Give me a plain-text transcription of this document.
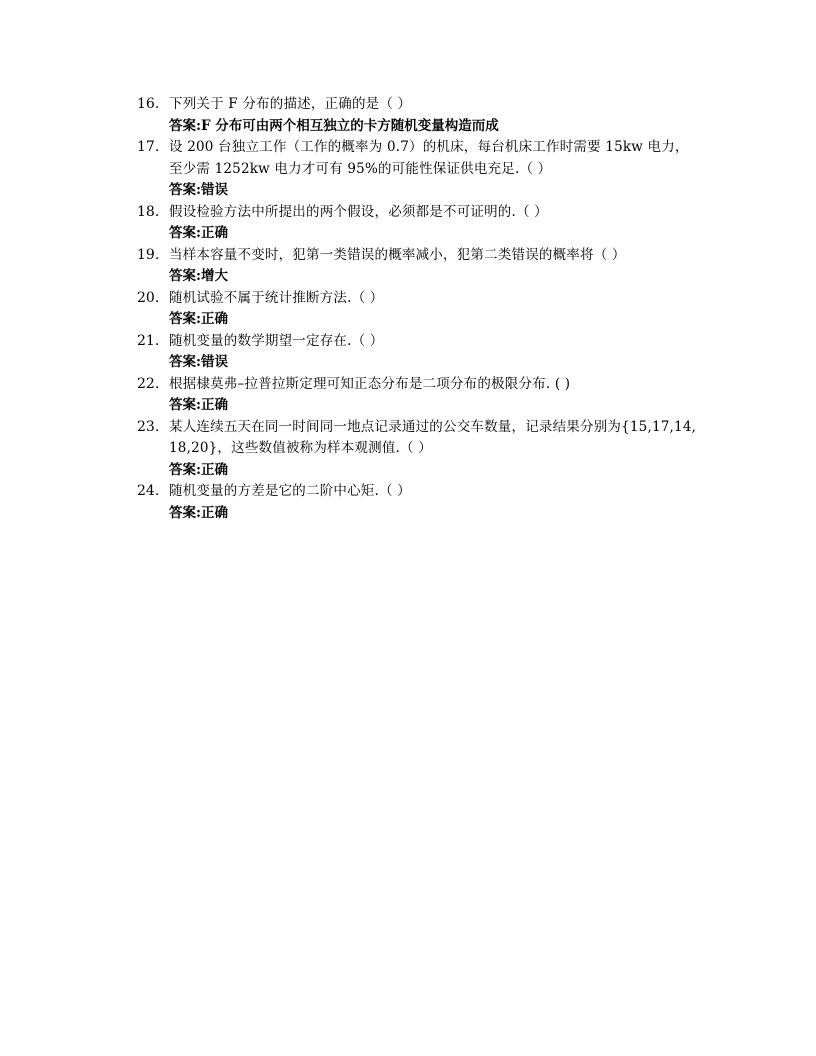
16. 下列关于 F 分布的描述，正确的是（ ）
答案:F 分布可由两个相互独立的卡方随机变量构造而成
17. 设 200 台独立工作（工作的概率为 0.7）的机床，每台机床工作时需要 15kw 电力，至少需 1252kw 电力才可有 95%的可能性保证供电充足.（ ）
答案:错误
18. 假设检验方法中所提出的两个假设，必须都是不可证明的.（ ）
答案:正确
19. 当样本容量不变时，犯第一类错误的概率减小，犯第二类错误的概率将（ ）
答案:增大
20. 随机试验不属于统计推断方法.（ ）
答案:正确
21. 随机变量的数学期望一定存在.（ ）
答案:错误
22. 根据棣莫弗–拉普拉斯定理可知正态分布是二项分布的极限分布. ( )
答案:正确
23. 某人连续五天在同一时间同一地点记录通过的公交车数量，记录结果分别为{15,17,14,18,20}，这些数值被称为样本观测值.（ ）
答案:正确
24. 随机变量的方差是它的二阶中心矩.（ ）
答案:正确
